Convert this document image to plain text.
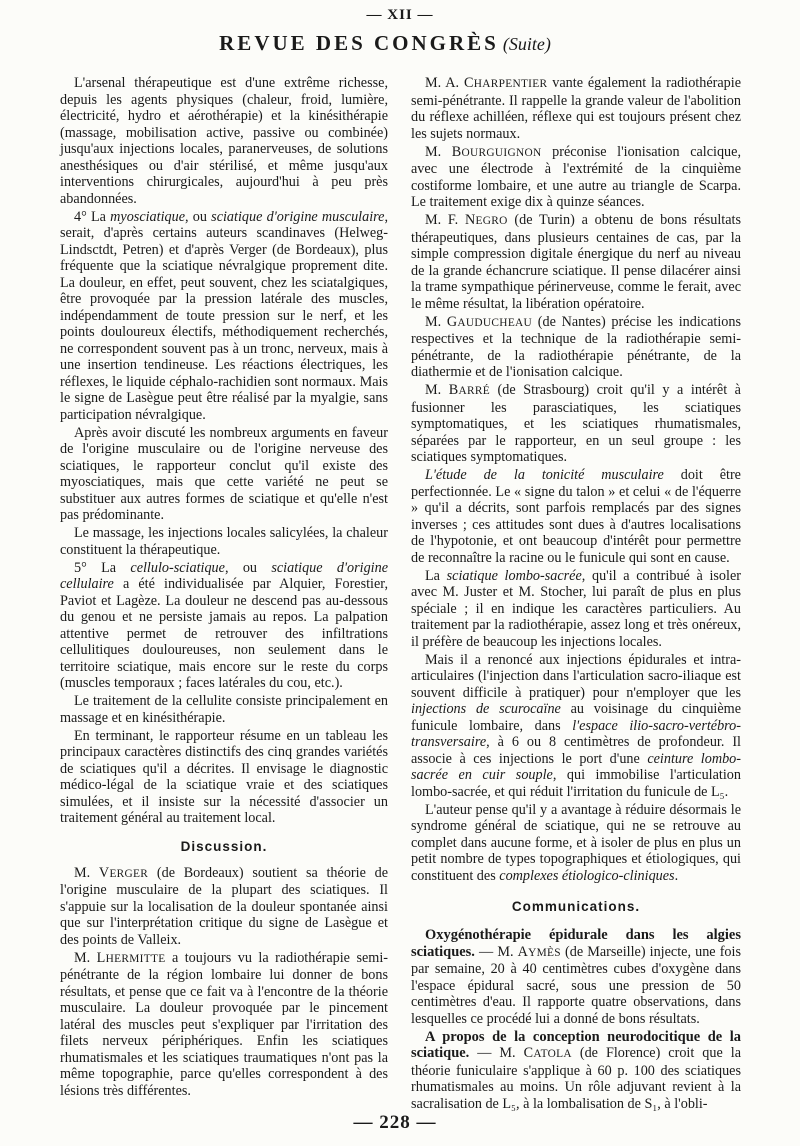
— XII —
REVUE DES CONGRÈS (Suite)

L'arsenal thérapeutique est d'une extrême richesse, depuis les agents physiques (chaleur, froid, lumière, électricité, hydro et aérothérapie) et la kinésithérapie (massage, mobilisation active, passive ou combinée) jusqu'aux injections locales, paranerveuses, de solutions anesthésiques ou d'air stérilisé, et même jusqu'aux interventions chirurgicales, aujourd'hui à peu près abandonnées.

4° La myosciatique, ou sciatique d'origine musculaire, serait, d'après certains auteurs scandinaves (Helweg-Lindsctdt, Petren) et d'après Verger (de Bordeaux), plus fréquente que la sciatique névralgique proprement dite. La douleur, en effet, peut souvent, chez les sciatalgiques, être provoquée par la pression latérale des muscles, indépendamment de toute pression sur le nerf, et les points douloureux électifs, méthodiquement recherchés, ne correspondent souvent pas à un tronc, nerveux, mais à une insertion tendineuse. Les réactions électriques, les réflexes, le liquide céphalo-rachidien sont normaux. Mais le signe de Lasègue peut être réalisé par la myalgie, sans participation névralgique.

Après avoir discuté les nombreux arguments en faveur de l'origine musculaire ou de l'origine nerveuse des sciatiques, le rapporteur conclut qu'il existe des myosciatiques, mais que cette variété ne peut se substituer aux autres formes de sciatique et qu'elle n'est pas prédominante.

Le massage, les injections locales salicylées, la chaleur constituent la thérapeutique.

5° La cellulo-sciatique, ou sciatique d'origine cellulaire a été individualisée par Alquier, Forestier, Paviot et Lagèze. La douleur ne descend pas au-dessous du genou et ne persiste jamais au repos. La palpation attentive permet de retrouver des infiltrations cellulitiques douloureuses, non seulement dans le territoire sciatique, mais encore sur le reste du corps (muscles temporaux ; faces latérales du cou, etc.).

Le traitement de la cellulite consiste principalement en massage et en kinésithérapie.

En terminant, le rapporteur résume en un tableau les principaux caractères distinctifs des cinq grandes variétés de sciatiques qu'il a décrites. Il envisage le diagnostic médico-légal de la sciatique vraie et des sciatiques simulées, et il insiste sur la nécessité d'associer un traitement général au traitement local.

Discussion.

M. VERGER (de Bordeaux) soutient sa théorie de l'origine musculaire de la plupart des sciatiques. Il s'appuie sur la localisation de la douleur spontanée ainsi que sur l'interprétation critique du signe de Lasègue et des points de Valleix.

M. LHERMITTE a toujours vu la radiothérapie semi-pénétrante de la région lombaire lui donner de bons résultats, et pense que ce fait va à l'encontre de la théorie musculaire. La douleur provoquée par le pincement latéral des muscles peut s'expliquer par l'irritation des filets nerveux périphériques. Enfin les sciatiques rhumatismales et les sciatiques traumatiques n'ont pas la même topographie, parce qu'elles correspondent à des lésions très différentes.

M. A. CHARPENTIER vante également la radiothérapie semi-pénétrante. Il rappelle la grande valeur de l'abolition du réflexe achilléen, réflexe qui est toujours présent chez les sujets normaux.

M. BOURGUIGNON préconise l'ionisation calcique, avec une électrode à l'extrémité de la cinquième costiforme lombaire, et une autre au triangle de Scarpa. Le traitement exige dix à quinze séances.

M. F. NEGRO (de Turin) a obtenu de bons résultats thérapeutiques, dans plusieurs centaines de cas, par la simple compression digitale énergique du nerf au niveau de la grande échancrure sciatique. Il pense dilacérer ainsi la trame sympathique périnerveuse, comme le ferait, avec le même résultat, la libération opératoire.

M. GAUDUCHEAU (de Nantes) précise les indications respectives et la technique de la radiothérapie semi-pénétrante, de la radiothérapie pénétrante, de la diathermie et de l'ionisation calcique.

M. BARRÉ (de Strasbourg) croit qu'il y a intérêt à fusionner les parasciatiques, les sciatiques symptomatiques, et les sciatiques rhumatismales, séparées par le rapporteur, en un seul groupe : les sciatiques symptomatiques.

L'étude de la tonicité musculaire doit être perfectionnée. Le « signe du talon » et celui « de l'équerre » qu'il a décrits, sont parfois remplacés par des signes inverses ; ces attitudes sont dues à d'autres localisations de l'hypotonie, et ont beaucoup d'intérêt pour permettre de reconnaître la racine ou le funicule qui sont en cause.

La sciatique lombo-sacrée, qu'il a contribué à isoler avec M. Juster et M. Stocher, lui paraît de plus en plus spéciale ; il en indique les caractères particuliers. Au traitement par la radiothérapie, assez long et très onéreux, il préfère de beaucoup les injections locales.

Mais il a renoncé aux injections épidurales et intra-articulaires (l'injection dans l'articulation sacro-iliaque est souvent difficile à pratiquer) pour n'employer que les injections de scurocaïne au voisinage du cinquième funicule lombaire, dans l'espace ilio-sacro-vertébro-transversaire, à 6 ou 8 centimètres de profondeur. Il associe à ces injections le port d'une ceinture lombo-sacrée en cuir souple, qui immobilise l'articulation lombo-sacrée, et qui réduit l'irritation du funicule de L₅.

L'auteur pense qu'il y a avantage à réduire désormais le syndrome général de sciatique, qui ne se retrouve au complet dans aucune forme, et à isoler de plus en plus un petit nombre de types topographiques et étiologiques, qui constituent des complexes étiologico-cliniques.

Communications.

Oxygénothérapie épidurale dans les algies sciatiques. — M. AYMÈS (de Marseille) injecte, une fois par semaine, 20 à 40 centimètres cubes d'oxygène dans l'espace épidural sacré, sous une pression de 50 centimètres d'eau. Il rapporte quatre observations, dans lesquelles ce procédé lui a donné de bons résultats.

A propos de la conception neurodocitique de la sciatique. — M. CATOLA (de Florence) croit que la théorie funiculaire s'applique à 60 p. 100 des sciatiques rhumatismales au moins. Un rôle adjuvant revient à la sacralisation de L₅, à la lombalisation de S₁, à l'obli-

— 228 —
